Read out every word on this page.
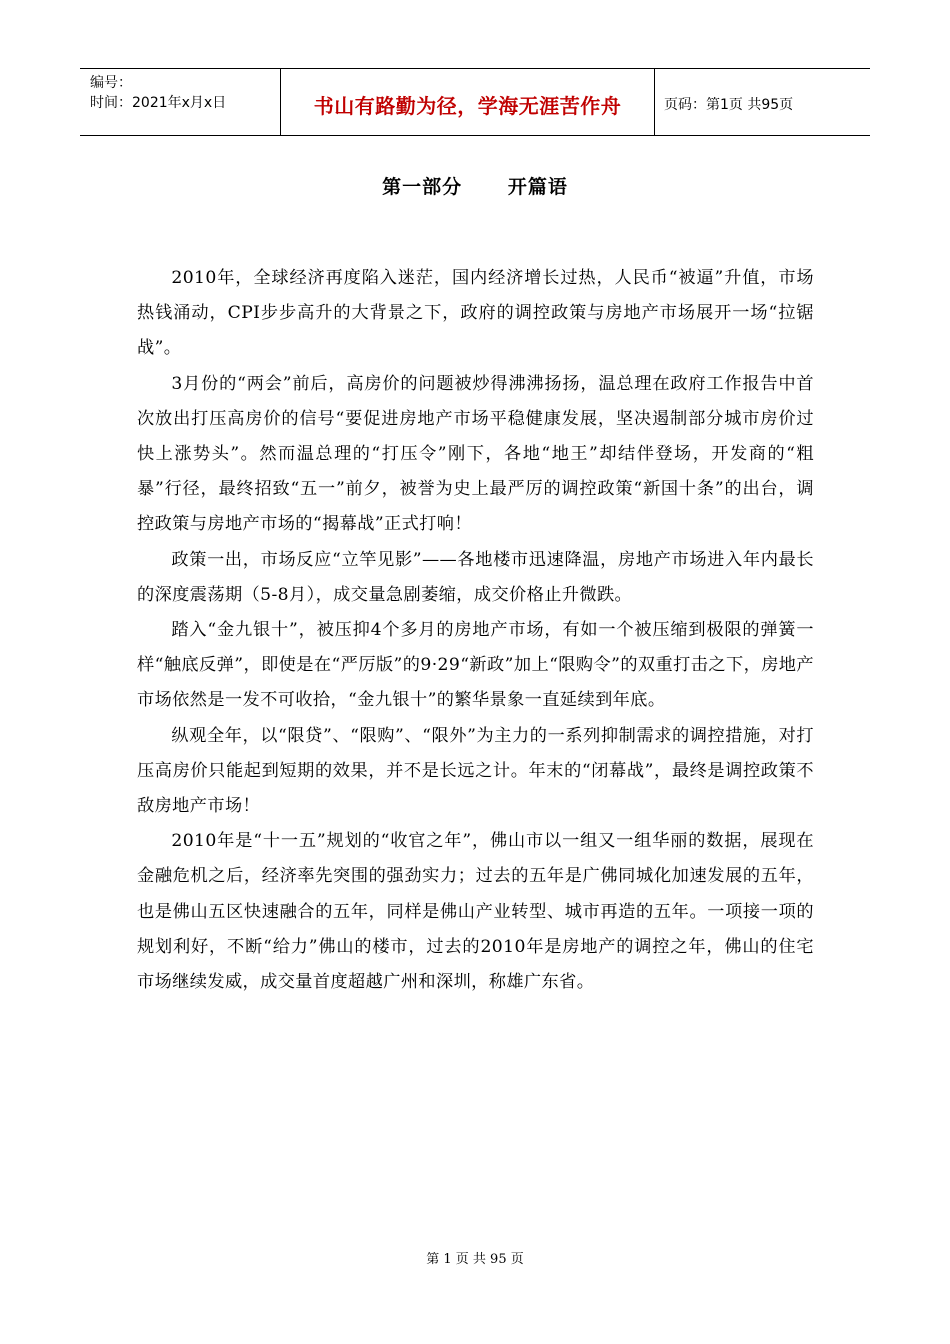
编号：
时间：2021年x月x日	书山有路勤为径，学海无涯苦作舟	页码：第1页 共95页
第一部分      开篇语

2010年，全球经济再度陷入迷茫，国内经济增长过热，人民币“被逼”升值，市场热钱涌动，CPI步步高升的大背景之下，政府的调控政策与房地产市场展开一场“拉锯战”。

3月份的“两会”前后，高房价的问题被炒得沸沸扬扬，温总理在政府工作报告中首次放出打压高房价的信号“要促进房地产市场平稳健康发展，坚决遏制部分城市房价过快上涨势头”。然而温总理的“打压令”刚下，各地“地王”却结伴登场，开发商的“粗暴”行径，最终招致“五一”前夕，被誉为史上最严厉的调控政策“新国十条”的出台，调控政策与房地产市场的“揭幕战”正式打响！

政策一出，市场反应“立竿见影”——各地楼市迅速降温，房地产市场进入年内最长的深度震荡期（5-8月），成交量急剧萎缩，成交价格止升微跌。

踏入“金九银十”，被压抑4个多月的房地产市场，有如一个被压缩到极限的弹簧一样“触底反弹”，即使是在“严厉版”的9·29“新政”加上“限购令”的双重打击之下，房地产市场依然是一发不可收拾，“金九银十”的繁华景象一直延续到年底。

纵观全年，以“限贷”、“限购”、“限外”为主力的一系列抑制需求的调控措施，对打压高房价只能起到短期的效果，并不是长远之计。年末的“闭幕战”，最终是调控政策不敌房地产市场！

2010年是“十一五”规划的“收官之年”，佛山市以一组又一组华丽的数据，展现在金融危机之后，经济率先突围的强劲实力；过去的五年是广佛同城化加速发展的五年，也是佛山五区快速融合的五年，同样是佛山产业转型、城市再造的五年。一项接一项的规划利好，不断“给力”佛山的楼市，过去的2010年是房地产的调控之年，佛山的住宅市场继续发威，成交量首度超越广州和深圳，称雄广东省。

第 1 页 共 95 页
